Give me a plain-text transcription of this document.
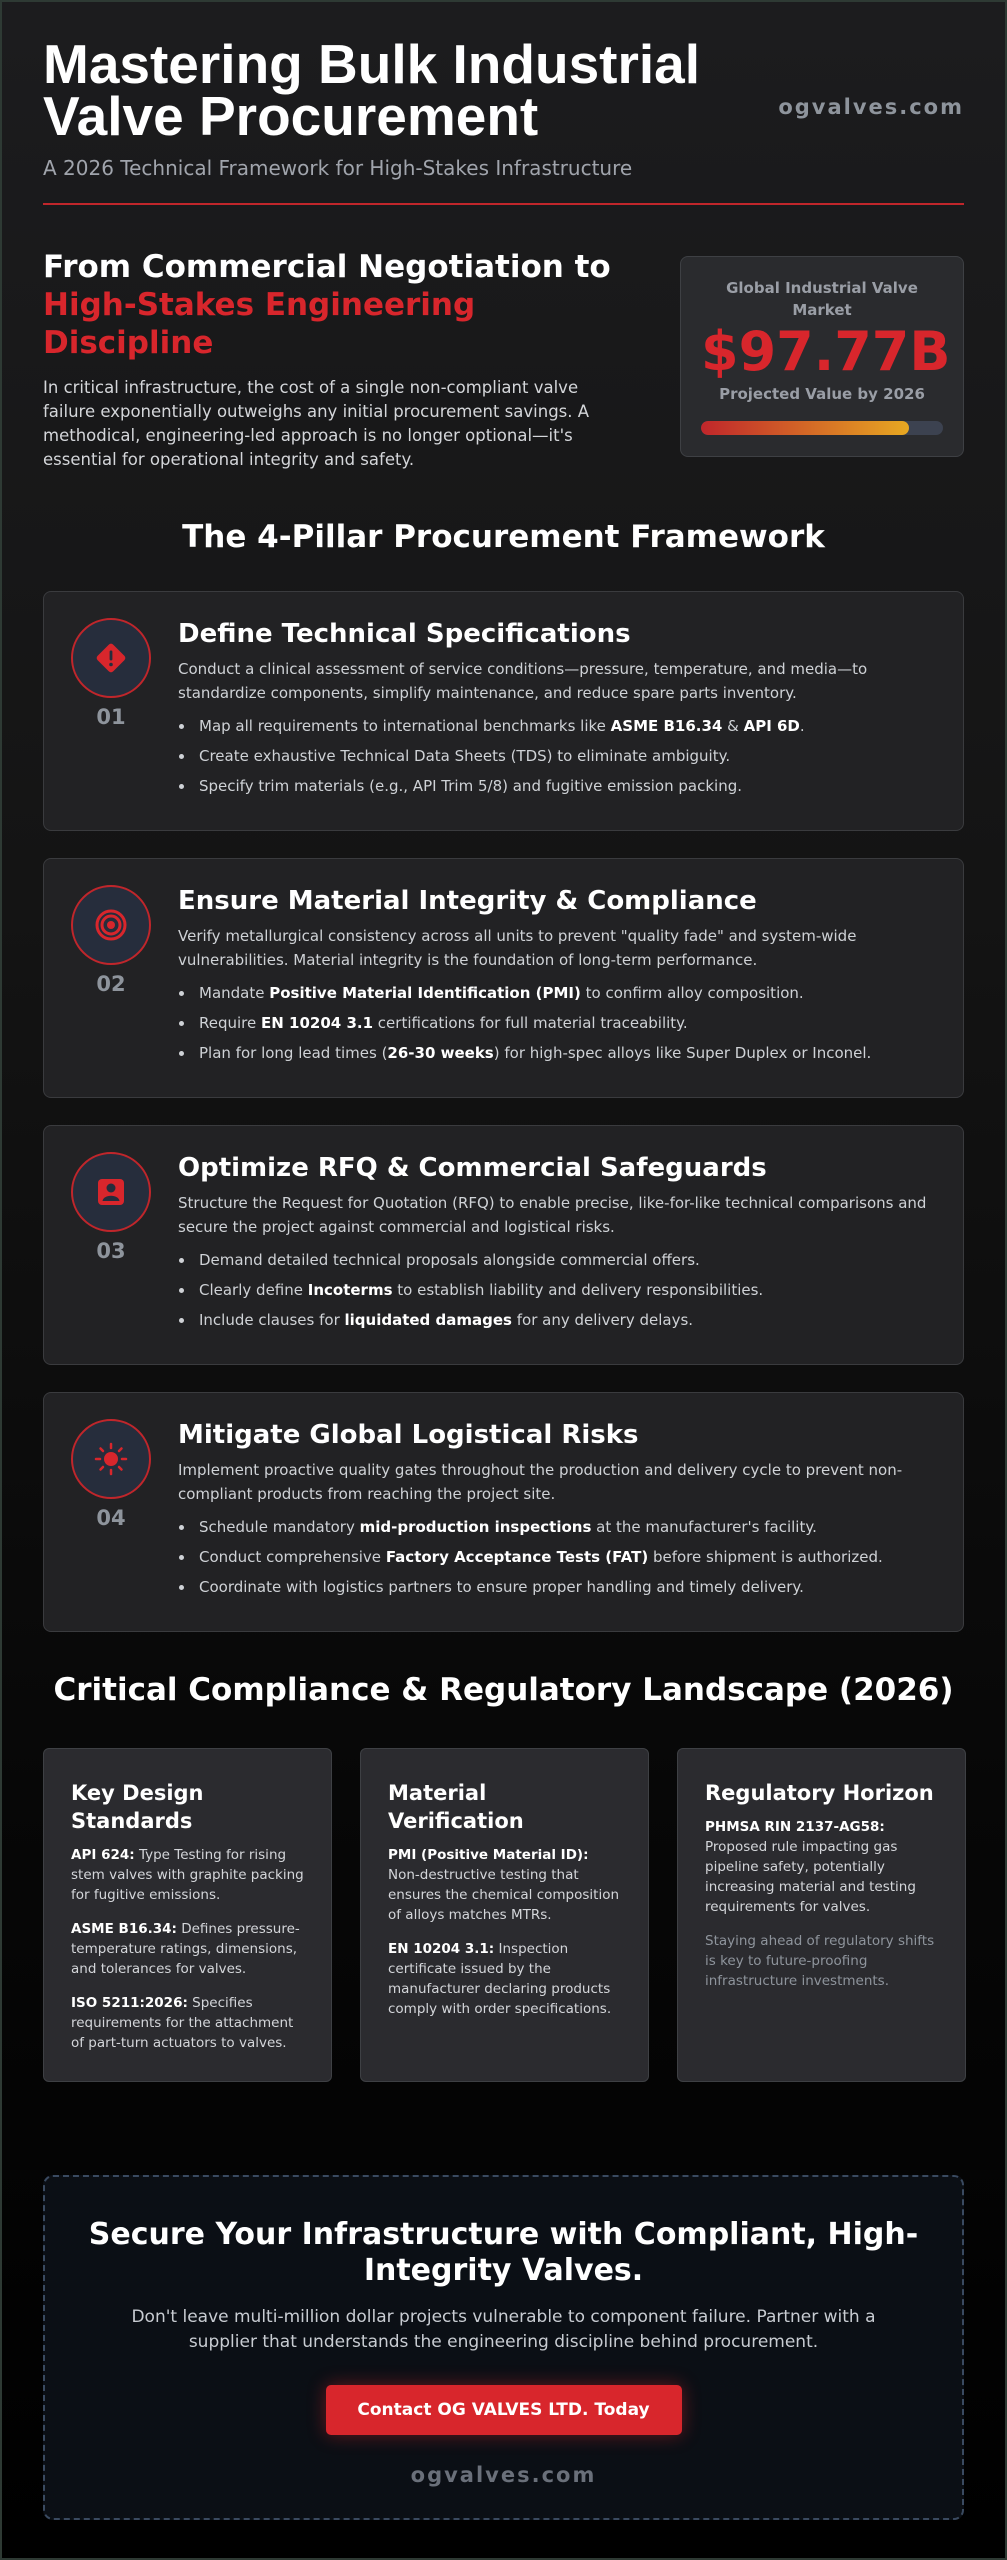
Mastering Bulk Industrial Valve Procurement
A 2026 Technical Framework for High-Stakes Infrastructure
ogvalves.com
From Commercial Negotiation to
High-Stakes Engineering Discipline

In critical infrastructure, the cost of a single non-compliant valve failure exponentially outweighs any initial procurement savings. A methodical, engineering-led approach is no longer optional—it's essential for operational integrity and safety.

Global Industrial Valve Market
$97.77B
Projected Value by 2026
The 4-Pillar Procurement Framework
01
Define Technical Specifications

Conduct a clinical assessment of service conditions—pressure, temperature, and media—to standardize components, simplify maintenance, and reduce spare parts inventory.

Map all requirements to international benchmarks like ASME B16.34 & API 6D.
Create exhaustive Technical Data Sheets (TDS) to eliminate ambiguity.
Specify trim materials (e.g., API Trim 5/8) and fugitive emission packing.
02
Ensure Material Integrity & Compliance

Verify metallurgical consistency across all units to prevent "quality fade" and system-wide vulnerabilities. Material integrity is the foundation of long-term performance.

Mandate Positive Material Identification (PMI) to confirm alloy composition.
Require EN 10204 3.1 certifications for full material traceability.
Plan for long lead times (26-30 weeks) for high-spec alloys like Super Duplex or Inconel.
03
Optimize RFQ & Commercial Safeguards

Structure the Request for Quotation (RFQ) to enable precise, like-for-like technical comparisons and secure the project against commercial and logistical risks.

Demand detailed technical proposals alongside commercial offers.
Clearly define Incoterms to establish liability and delivery responsibilities.
Include clauses for liquidated damages for any delivery delays.
04
Mitigate Global Logistical Risks

Implement proactive quality gates throughout the production and delivery cycle to prevent non-compliant products from reaching the project site.

Schedule mandatory mid-production inspections at the manufacturer's facility.
Conduct comprehensive Factory Acceptance Tests (FAT) before shipment is authorized.
Coordinate with logistics partners to ensure proper handling and timely delivery.
Critical Compliance & Regulatory Landscape (2026)
Key Design Standards

API 624: Type Testing for rising stem valves with graphite packing for fugitive emissions.

ASME B16.34: Defines pressure-temperature ratings, dimensions, and tolerances for valves.

ISO 5211:2026: Specifies requirements for the attachment of part-turn actuators to valves.

Material Verification

PMI (Positive Material ID): Non-destructive testing that ensures the chemical composition of alloys matches MTRs.

EN 10204 3.1: Inspection certificate issued by the manufacturer declaring products comply with order specifications.

Regulatory Horizon

PHMSA RIN 2137-AG58: Proposed rule impacting gas pipeline safety, potentially increasing material and testing requirements for valves.

Staying ahead of regulatory shifts is key to future-proofing infrastructure investments.

Secure Your Infrastructure with Compliant, High-Integrity Valves.

Don't leave multi-million dollar projects vulnerable to component failure. Partner with a supplier that understands the engineering discipline behind procurement.

Contact OG VALVES LTD. Today
ogvalves.com
